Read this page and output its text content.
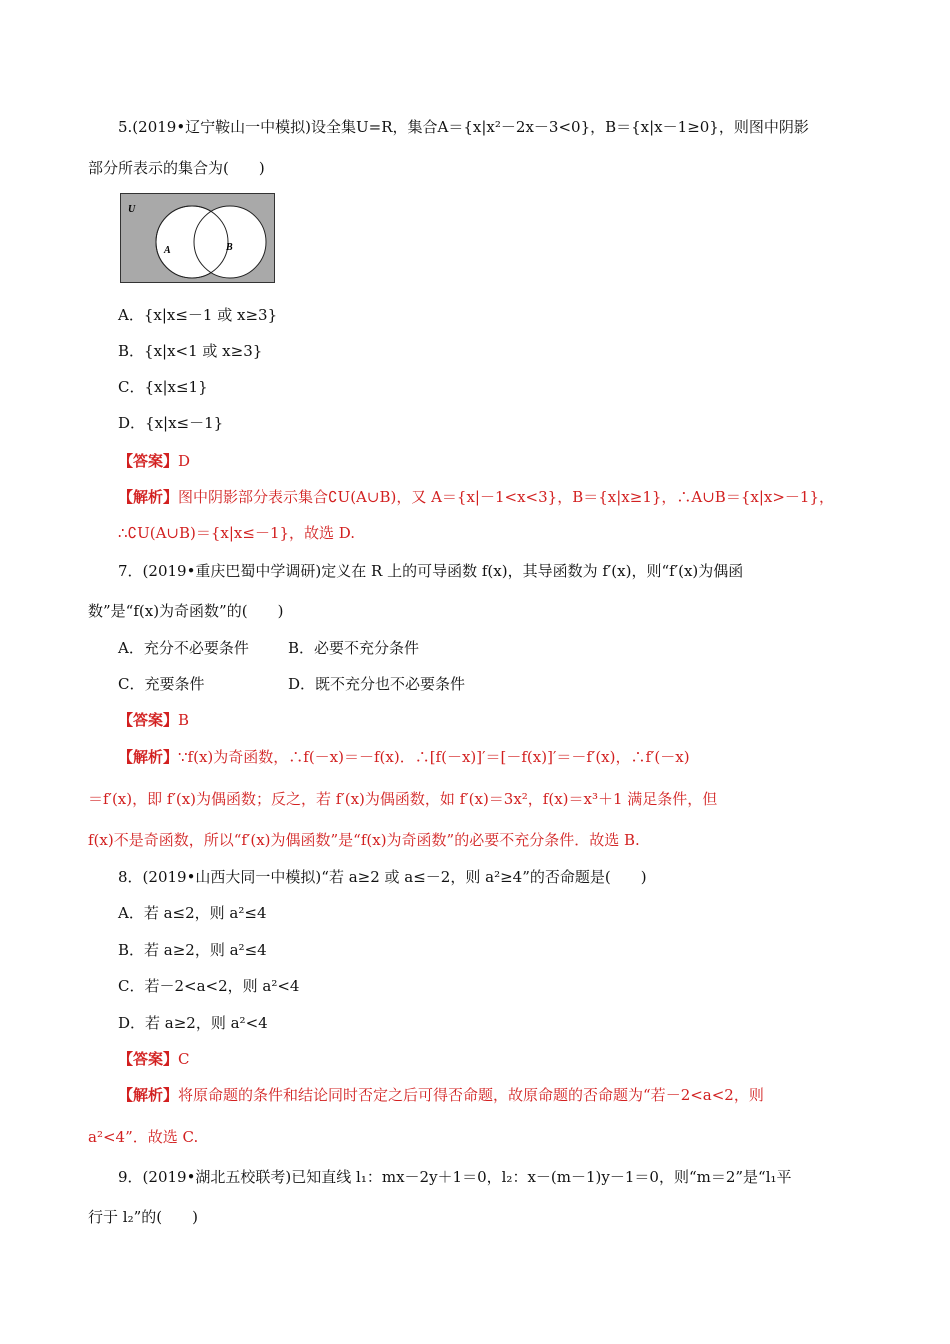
5.(2019•辽宁鞍山一中模拟)设全集U=R，集合A＝{x|x²－2x－3<0}，B＝{x|x－1≥0}，则图中阴影
部分所表示的集合为(　　)
U
A	B
A．{x|x≤－1 或 x≥3}
B．{x|x<1 或 x≥3}
C．{x|x≤1}
D．{x|x≤－1}
【答案】D
【解析】图中阴影部分表示集合∁U(A∪B)，又 A＝{x|－1<x<3}，B＝{x|x≥1}，∴A∪B＝{x|x>－1}，
∴∁U(A∪B)＝{x|x≤－1}，故选 D.
7．(2019•重庆巴蜀中学调研)定义在 R 上的可导函数 f(x)，其导函数为 f′(x)，则“f′(x)为偶函
数”是“f(x)为奇函数”的(　　)
A．充分不必要条件	B．必要不充分条件
C．充要条件	D．既不充分也不必要条件
【答案】B
【解析】∵f(x)为奇函数，∴f(－x)＝－f(x)．∴[f(－x)]′＝[－f(x)]′＝－f′(x)，∴f′(－x)
＝f′(x)，即 f′(x)为偶函数；反之，若 f′(x)为偶函数，如 f′(x)＝3x²，f(x)＝x³＋1 满足条件，但
f(x)不是奇函数，所以“f′(x)为偶函数”是“f(x)为奇函数”的必要不充分条件．故选 B.
8．(2019•山西大同一中模拟)“若 a≥2 或 a≤－2，则 a²≥4”的否命题是(　　)
A．若 a≤2，则 a²≤4
B．若 a≥2，则 a²≤4
C．若－2<a<2，则 a²<4
D．若 a≥2，则 a²<4
【答案】C
【解析】将原命题的条件和结论同时否定之后可得否命题，故原命题的否命题为“若－2<a<2，则
a²<4”．故选 C.
9．(2019•湖北五校联考)已知直线 l₁：mx－2y＋1＝0，l₂：x－(m－1)y－1＝0，则“m＝2”是“l₁平
行于 l₂”的(　　)
